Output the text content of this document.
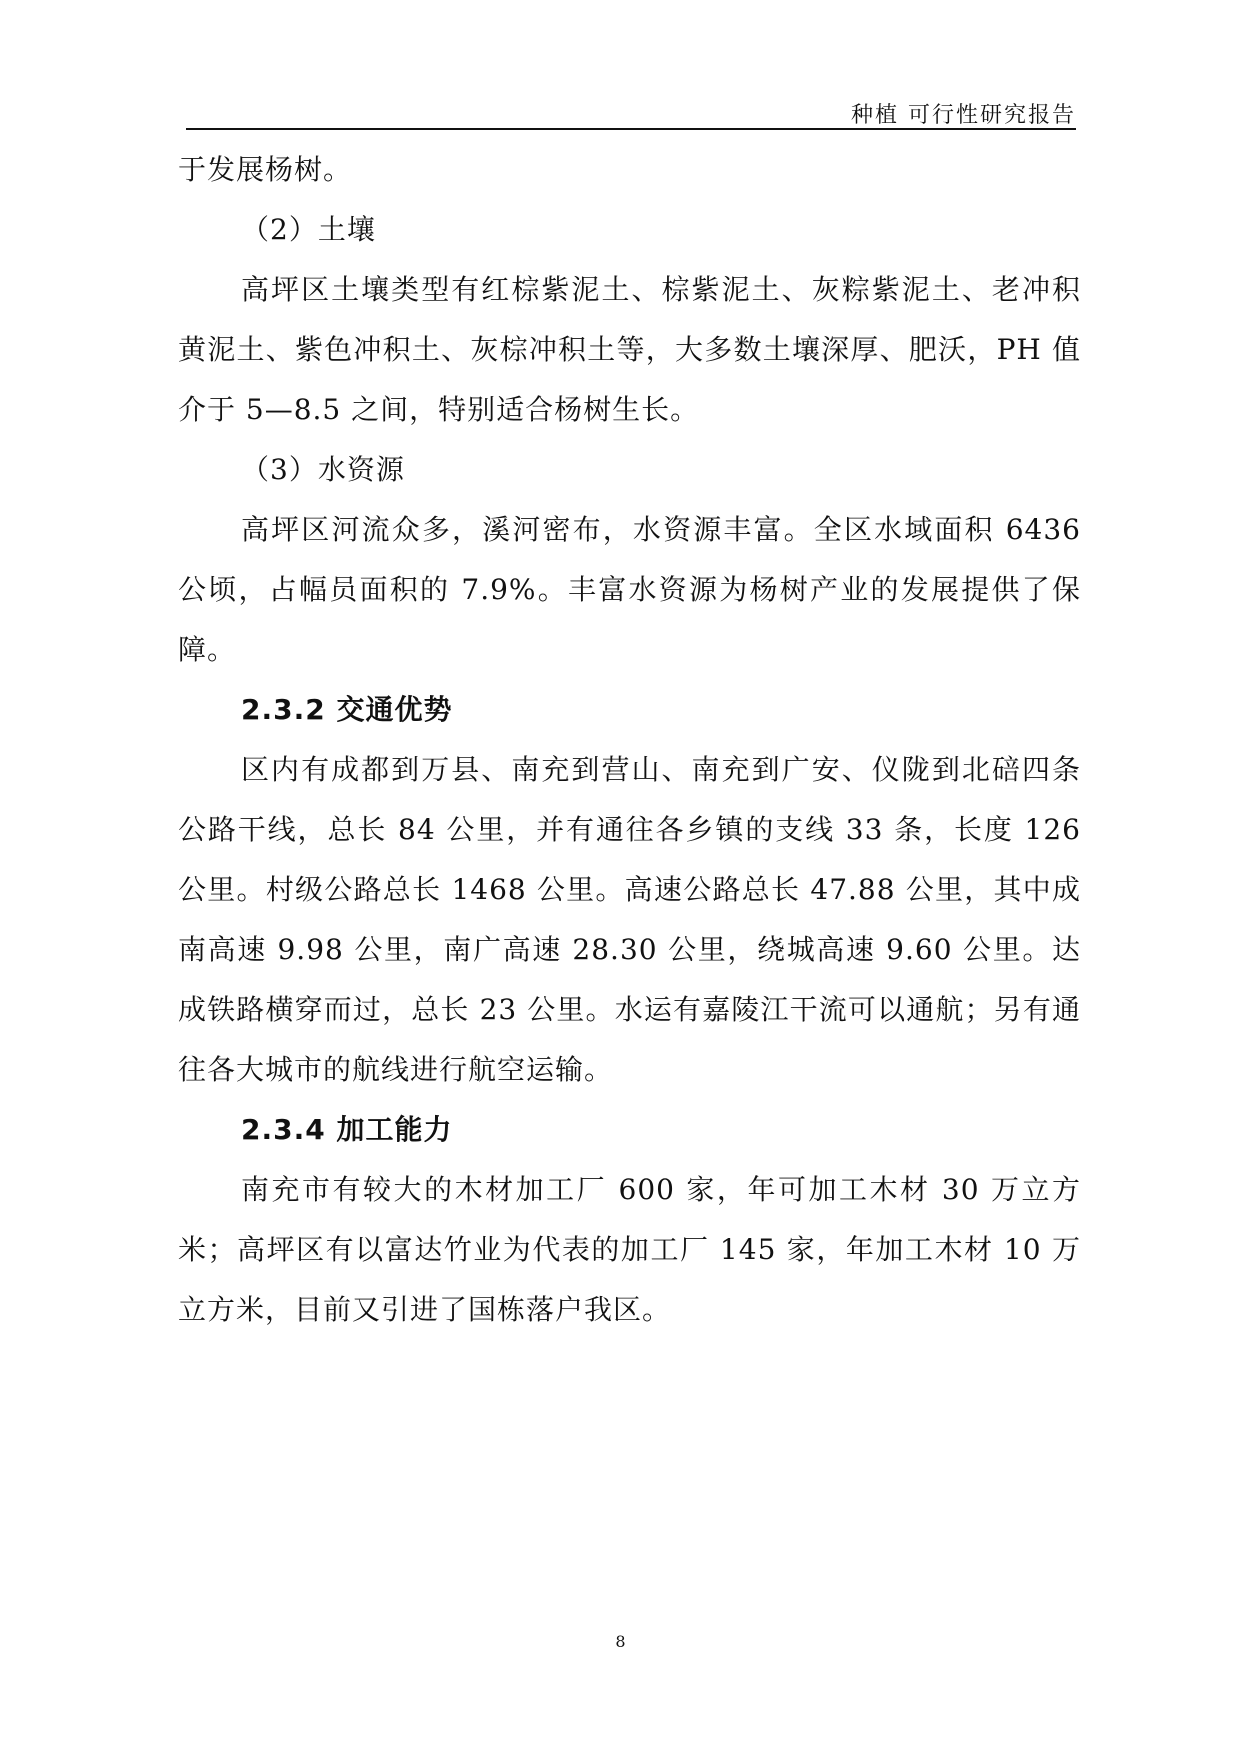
种植 可行性研究报告

于发展杨树。

（2）土壤

高坪区土壤类型有红棕紫泥土、棕紫泥土、灰粽紫泥土、老冲积黄泥土、紫色冲积土、灰棕冲积土等，大多数土壤深厚、肥沃，PH 值介于 5—8.5 之间，特别适合杨树生长。

（3）水资源

高坪区河流众多，溪河密布，水资源丰富。全区水域面积 6436 公顷，占幅员面积的 7.9%。丰富水资源为杨树产业的发展提供了保障。

2.3.2 交通优势

区内有成都到万县、南充到营山、南充到广安、仪陇到北碚四条公路干线，总长 84 公里，并有通往各乡镇的支线 33 条，长度 126 公里。村级公路总长 1468 公里。高速公路总长 47.88 公里，其中成南高速 9.98 公里，南广高速 28.30 公里，绕城高速 9.60 公里。达成铁路横穿而过，总长 23 公里。水运有嘉陵江干流可以通航；另有通往各大城市的航线进行航空运输。

2.3.4 加工能力

南充市有较大的木材加工厂 600 家，年可加工木材 30 万立方米；高坪区有以富达竹业为代表的加工厂 145 家，年加工木材 10 万立方米，目前又引进了国栋落户我区。

8
